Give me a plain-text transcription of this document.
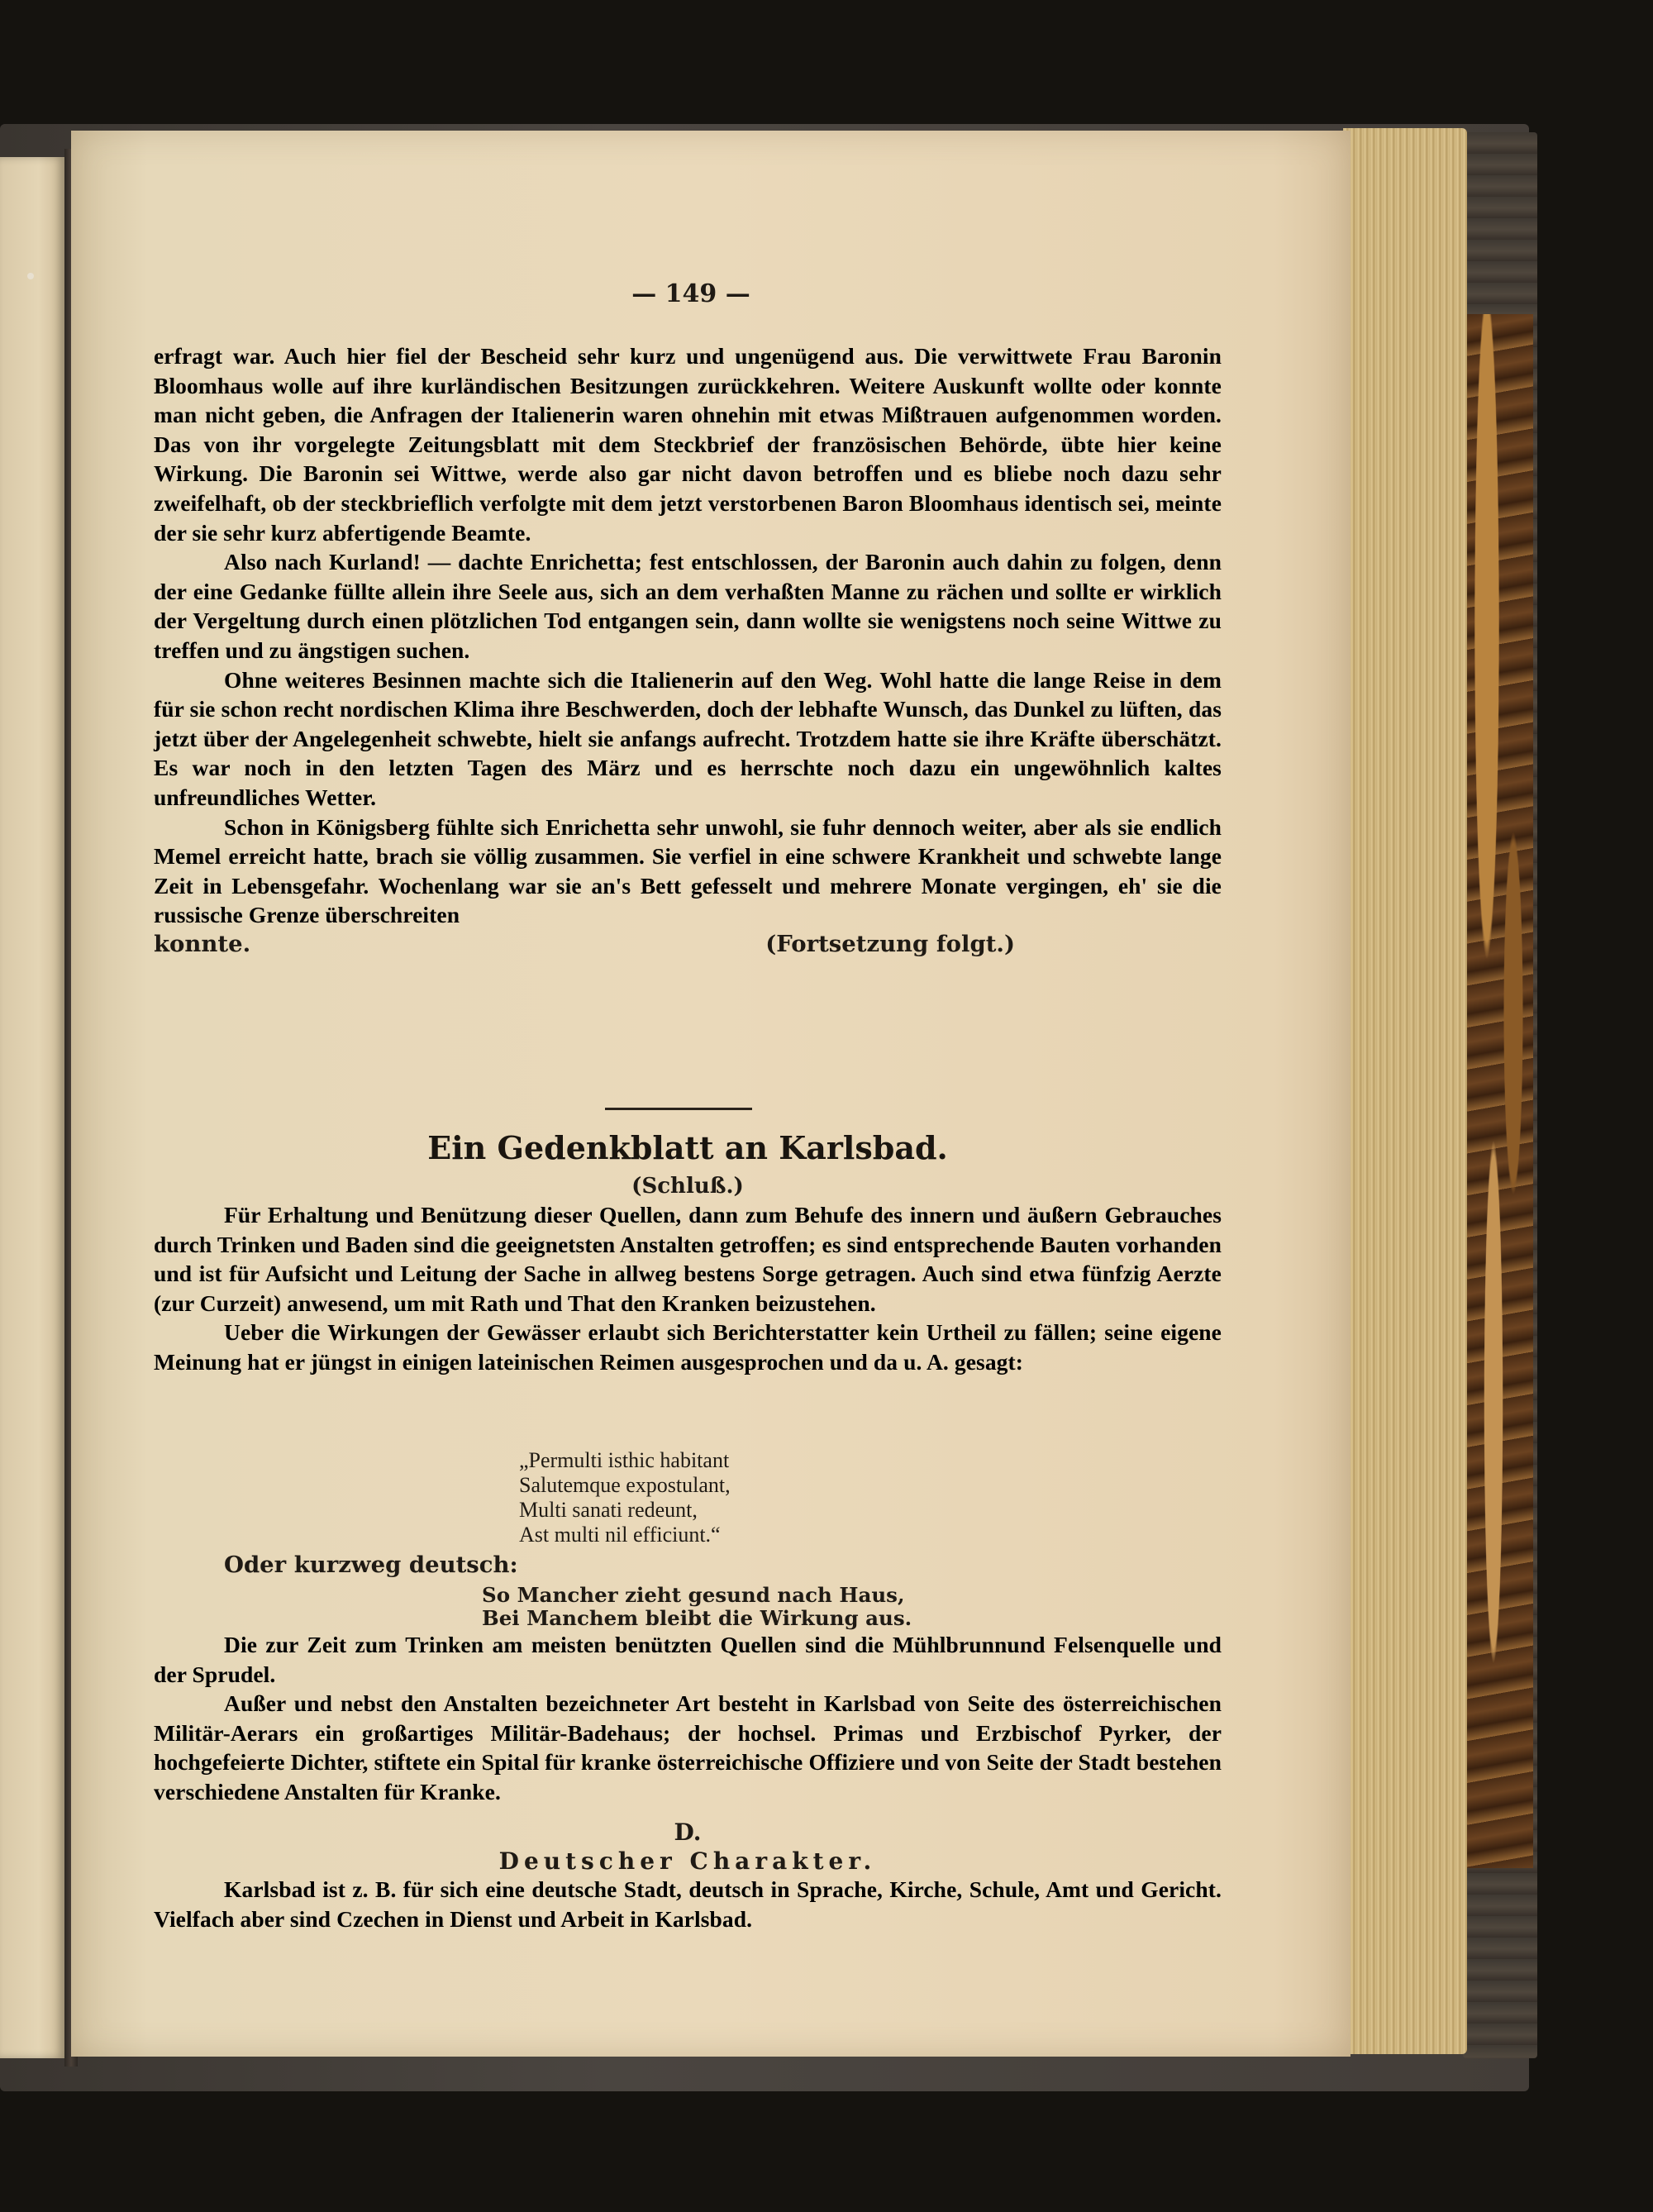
— 149 —

erfragt war. Auch hier fiel der Bescheid sehr kurz und ungenügend aus. Die verwittwete Frau Baronin Bloomhaus wolle auf ihre kurländischen Besitzungen zurückkehren. Weitere Auskunft wollte oder konnte man nicht geben, die Anfragen der Italienerin waren ohnehin mit etwas Mißtrauen aufgenommen worden. Das von ihr vorgelegte Zeitungsblatt mit dem Steckbrief der französischen Behörde, übte hier keine Wirkung. Die Baronin sei Wittwe, werde also gar nicht davon betroffen und es bliebe noch dazu sehr zweifelhaft, ob der steckbrieflich verfolgte mit dem jetzt verstorbenen Baron Bloomhaus identisch sei, meinte der sie sehr kurz abfertigende Beamte.

Also nach Kurland! — dachte Enrichetta; fest entschlossen, der Baronin auch dahin zu folgen, denn der eine Gedanke füllte allein ihre Seele aus, sich an dem verhaßten Manne zu rächen und sollte er wirklich der Vergeltung durch einen plötzlichen Tod entgangen sein, dann wollte sie wenigstens noch seine Wittwe zu treffen und zu ängstigen suchen.

Ohne weiteres Besinnen machte sich die Italienerin auf den Weg. Wohl hatte die lange Reise in dem für sie schon recht nordischen Klima ihre Beschwerden, doch der lebhafte Wunsch, das Dunkel zu lüften, das jetzt über der Angelegenheit schwebte, hielt sie anfangs aufrecht. Trotzdem hatte sie ihre Kräfte überschätzt. Es war noch in den letzten Tagen des März und es herrschte noch dazu ein ungewöhnlich kaltes unfreundliches Wetter.

Schon in Königsberg fühlte sich Enrichetta sehr unwohl, sie fuhr dennoch weiter, aber als sie endlich Memel erreicht hatte, brach sie völlig zusammen. Sie verfiel in eine schwere Krankheit und schwebte lange Zeit in Lebensgefahr. Wochenlang war sie an's Bett gefesselt und mehrere Monate vergingen, eh' sie die russische Grenze überschreiten

konnte.	(Fortsetzung folgt.)
Ein Gedenkblatt an Karlsbad.
(Schluß.)

Für Erhaltung und Benützung dieser Quellen, dann zum Behufe des innern und äußern Gebrauches durch Trinken und Baden sind die geeignetsten Anstalten getroffen; es sind entsprechende Bauten vorhanden und ist für Aufsicht und Leitung der Sache in allweg bestens Sorge getragen. Auch sind etwa fünfzig Aerzte (zur Curzeit) anwesend, um mit Rath und That den Kranken beizustehen.

Ueber die Wirkungen der Gewässer erlaubt sich Berichterstatter kein Urtheil zu fällen; seine eigene Meinung hat er jüngst in einigen lateinischen Reimen ausgesprochen und da u. A. gesagt:

„Permulti isthic habitant
Salutemque expostulant,
Multi sanati redeunt,
Ast multi nil efficiunt.“
Oder kurzweg deutsch:
So Mancher zieht gesund nach Haus,
Bei Manchem bleibt die Wirkung aus.

Die zur Zeit zum Trinken am meisten benützten Quellen sind die Mühlbrunnund Felsenquelle und der Sprudel.

Außer und nebst den Anstalten bezeichneter Art besteht in Karlsbad von Seite des österreichischen Militär-Aerars ein großartiges Militär-Badehaus; der hochsel. Primas und Erzbischof Pyrker, der hochgefeierte Dichter, stiftete ein Spital für kranke österreichische Offiziere und von Seite der Stadt bestehen verschiedene Anstalten für Kranke.

D.
Deutscher Charakter.

Karlsbad ist z. B. für sich eine deutsche Stadt, deutsch in Sprache, Kirche, Schule, Amt und Gericht. Vielfach aber sind Czechen in Dienst und Arbeit in Karlsbad.
